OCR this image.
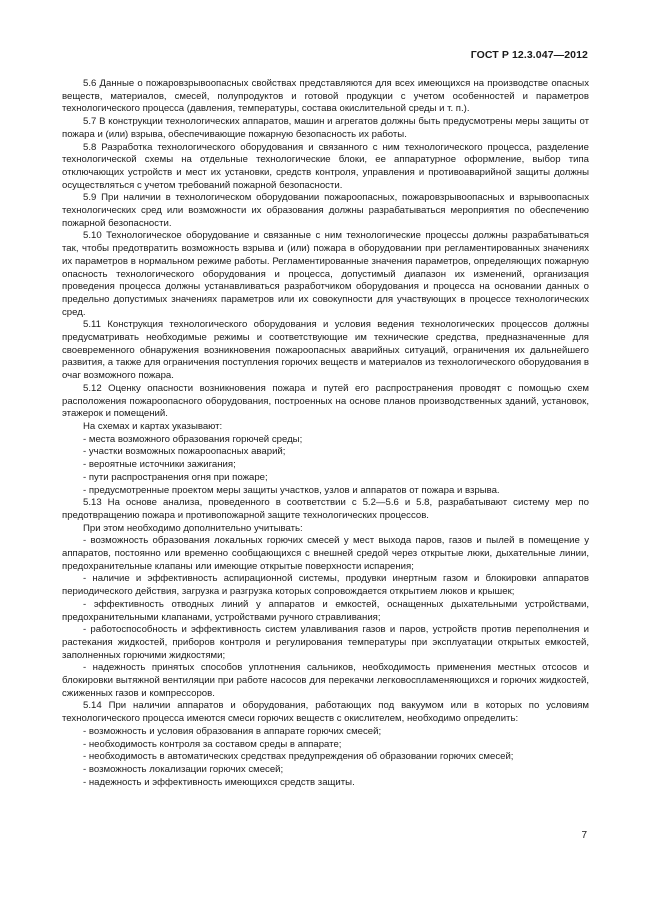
ГОСТ Р 12.3.047—2012

5.6 Данные о пожаровзрывоопасных свойствах представляются для всех имеющихся на производстве опасных веществ, материалов, смесей, полупродуктов и готовой продукции с учетом особенностей и параметров технологического процесса (давления, температуры, состава окислительной среды и т. п.).

5.7 В конструкции технологических аппаратов, машин и агрегатов должны быть предусмотрены меры защиты от пожара и (или) взрыва, обеспечивающие пожарную безопасность их работы.

5.8 Разработка технологического оборудования и связанного с ним технологического процесса, разделение технологической схемы на отдельные технологические блоки, ее аппаратурное оформление, выбор типа отключающих устройств и мест их установки, средств контроля, управления и противоаварийной защиты должны осуществляться с учетом требований пожарной безопасности.

5.9 При наличии в технологическом оборудовании пожароопасных, пожаровзрывоопасных и взрывоопасных технологических сред или возможности их образования должны разрабатываться мероприятия по обеспечению пожарной безопасности.

5.10 Технологическое оборудование и связанные с ним технологические процессы должны разрабатываться так, чтобы предотвратить возможность взрыва и (или) пожара в оборудовании при регламентированных значениях их параметров в нормальном режиме работы. Регламентированные значения параметров, определяющих пожарную опасность технологического оборудования и процесса, допустимый диапазон их изменений, организация проведения процесса должны устанавливаться разработчиком оборудования и процесса на основании данных о предельно допустимых значениях параметров или их совокупности для участвующих в процессе технологических сред.

5.11 Конструкция технологического оборудования и условия ведения технологических процессов должны предусматривать необходимые режимы и соответствующие им технические средства, предназначенные для своевременного обнаружения возникновения пожароопасных аварийных ситуаций, ограничения их дальнейшего развития, а также для ограничения поступления горючих веществ и материалов из технологического оборудования в очаг возможного пожара.

5.12 Оценку опасности возникновения пожара и путей его распространения проводят с помощью схем расположения пожароопасного оборудования, построенных на основе планов производственных зданий, установок, этажерок и помещений.

На схемах и картах указывают:

- места возможного образования горючей среды;

- участки возможных пожароопасных аварий;

- вероятные источники зажигания;

- пути распространения огня при пожаре;

- предусмотренные проектом меры защиты участков, узлов и аппаратов от пожара и взрыва.

5.13 На основе анализа, проведенного в соответствии с 5.2—5.6 и 5.8, разрабатывают систему мер по предотвращению пожара и противопожарной защите технологических процессов.

При этом необходимо дополнительно учитывать:

- возможность образования локальных горючих смесей у мест выхода паров, газов и пылей в помещение у аппаратов, постоянно или временно сообщающихся с внешней средой через открытые люки, дыхательные линии, предохранительные клапаны или имеющие открытые поверхности испарения;

- наличие и эффективность аспирационной системы, продувки инертным газом и блокировки аппаратов периодического действия, загрузка и разгрузка которых сопровождается открытием люков и крышек;

- эффективность отводных линий у аппаратов и емкостей, оснащенных дыхательными устройствами, предохранительными клапанами, устройствами ручного стравливания;

- работоспособность и эффективность систем улавливания газов и паров, устройств против переполнения и растекания жидкостей, приборов контроля и регулирования температуры при эксплуатации открытых емкостей, заполненных горючими жидкостями;

- надежность принятых способов уплотнения сальников, необходимость применения местных отсосов и блокировки вытяжной вентиляции при работе насосов для перекачки легковоспламеняющихся и горючих жидкостей, сжиженных газов и компрессоров.

5.14 При наличии аппаратов и оборудования, работающих под вакуумом или в которых по условиям технологического процесса имеются смеси горючих веществ с окислителем, необходимо определить:

- возможность и условия образования в аппарате горючих смесей;

- необходимость контроля за составом среды в аппарате;

- необходимость в автоматических средствах предупреждения об образовании горючих смесей;

- возможность локализации горючих смесей;

- надежность и эффективность имеющихся средств защиты.

7
